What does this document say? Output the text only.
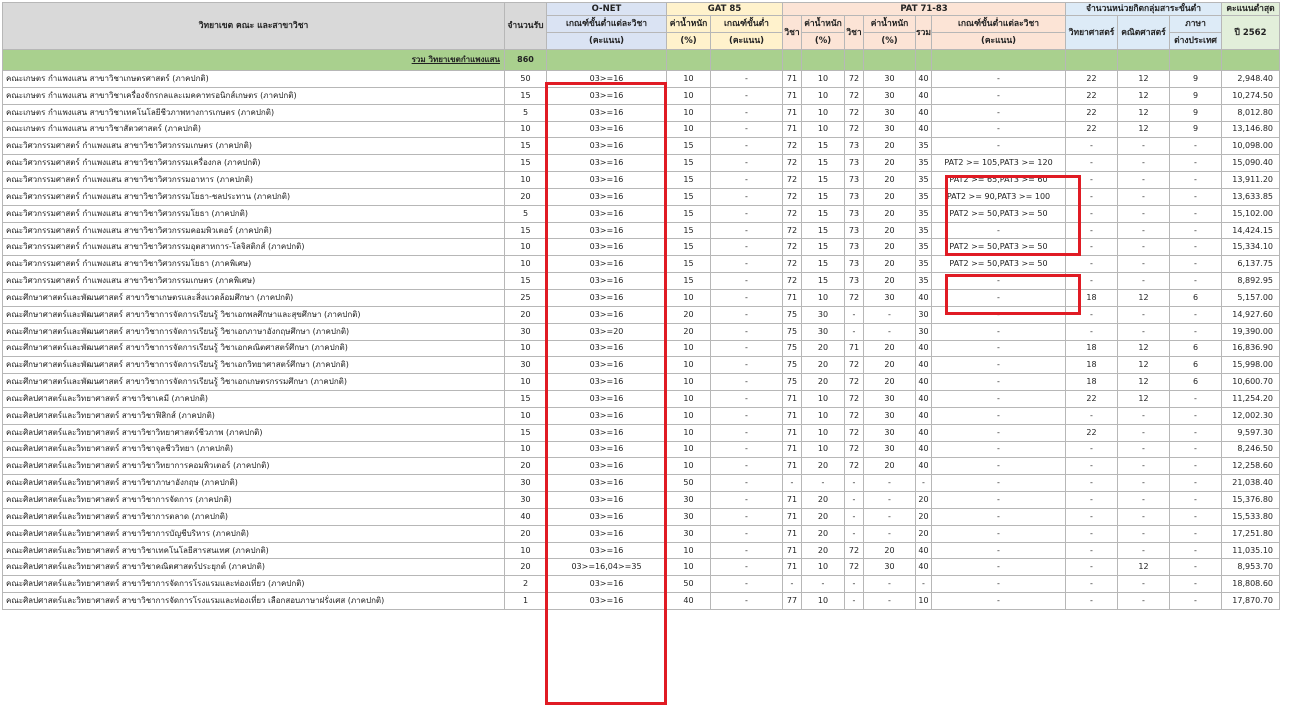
วิทยาเขต คณะ และสาขาวิชา	จำนวนรับ	O-NET	GAT 85		PAT 71-83						จำนวนหน่วยกิตกลุ่มสาระขั้นต่ำ			คะแนนต่ำสุด
		เกณฑ์ขั้นต่ำแต่ละวิชา	ค่าน้ำหนัก	เกณฑ์ขั้นต่ำ	วิชา	ค่าน้ำหนัก	วิชา	ค่าน้ำหนัก	รวม	เกณฑ์ขั้นต่ำแต่ละวิชา	วิทยาศาสตร์	คณิตศาสตร์	ภาษา	ปี 2562
		(คะแนน)	(%)	(คะแนน)		(%)		(%)		(คะแนน)			ต่างประเทศ	
รวม วิทยาเขตกำแพงแสน	860													
คณะเกษตร กำแพงแสน สาขาวิชาเกษตรศาสตร์ (ภาคปกติ)	50	03>=16	10	-	71	10	72	30	40	-	22	12	9	2,948.40
คณะเกษตร กำแพงแสน สาขาวิชาเครื่องจักรกลและเมคคาทรอนิกส์เกษตร (ภาคปกติ)	15	03>=16	10	-	71	10	72	30	40	-	22	12	9	10,274.50
คณะเกษตร กำแพงแสน สาขาวิชาเทคโนโลยีชีวภาพทางการเกษตร (ภาคปกติ)	5	03>=16	10	-	71	10	72	30	40	-	22	12	9	8,012.80
คณะเกษตร กำแพงแสน สาขาวิชาสัตวศาสตร์ (ภาคปกติ)	10	03>=16	10	-	71	10	72	30	40	-	22	12	9	13,146.80
คณะวิศวกรรมศาสตร์ กำแพงแสน สาขาวิชาวิศวกรรมเกษตร (ภาคปกติ)	15	03>=16	15	-	72	15	73	20	35	-	-	-	-	10,098.00
คณะวิศวกรรมศาสตร์ กำแพงแสน สาขาวิชาวิศวกรรมเครื่องกล (ภาคปกติ)	15	03>=16	15	-	72	15	73	20	35	PAT2 >= 105,PAT3 >= 120	-	-	-	15,090.40
คณะวิศวกรรมศาสตร์ กำแพงแสน สาขาวิชาวิศวกรรมอาหาร (ภาคปกติ)	10	03>=16	15	-	72	15	73	20	35	PAT2 >= 65,PAT3 >= 60	-	-	-	13,911.20
คณะวิศวกรรมศาสตร์ กำแพงแสน สาขาวิชาวิศวกรรมโยธา-ชลประทาน (ภาคปกติ)	20	03>=16	15	-	72	15	73	20	35	PAT2 >= 90,PAT3 >= 100	-	-	-	13,633.85
คณะวิศวกรรมศาสตร์ กำแพงแสน สาขาวิชาวิศวกรรมโยธา (ภาคปกติ)	5	03>=16	15	-	72	15	73	20	35	PAT2 >= 50,PAT3 >= 50	-	-	-	15,102.00
คณะวิศวกรรมศาสตร์ กำแพงแสน สาขาวิชาวิศวกรรมคอมพิวเตอร์ (ภาคปกติ)	15	03>=16	15	-	72	15	73	20	35	-	-	-	-	14,424.15
คณะวิศวกรรมศาสตร์ กำแพงแสน สาขาวิชาวิศวกรรมอุตสาหการ-โลจิสติกส์ (ภาคปกติ)	10	03>=16	15	-	72	15	73	20	35	PAT2 >= 50,PAT3 >= 50	-	-	-	15,334.10
คณะวิศวกรรมศาสตร์ กำแพงแสน สาขาวิชาวิศวกรรมโยธา (ภาคพิเศษ)	10	03>=16	15	-	72	15	73	20	35	PAT2 >= 50,PAT3 >= 50	-	-	-	6,137.75
คณะวิศวกรรมศาสตร์ กำแพงแสน สาขาวิชาวิศวกรรมเกษตร (ภาคพิเศษ)	15	03>=16	15	-	72	15	73	20	35	-	-	-	-	8,892.95
คณะศึกษาศาสตร์และพัฒนศาสตร์ สาขาวิชาเกษตรและสิ่งแวดล้อมศึกษา (ภาคปกติ)	25	03>=16	10	-	71	10	72	30	40	-	18	12	6	5,157.00
คณะศึกษาศาสตร์และพัฒนศาสตร์ สาขาวิชาการจัดการเรียนรู้ วิชาเอกพลศึกษาและสุขศึกษา (ภาคปกติ)	20	03>=16	20	-	75	30	-	-	30	-	-	-	-	14,927.60
คณะศึกษาศาสตร์และพัฒนศาสตร์ สาขาวิชาการจัดการเรียนรู้ วิชาเอกภาษาอังกฤษศึกษา (ภาคปกติ)	30	03>=20	20	-	75	30	-	-	30	-	-	-	-	19,390.00
คณะศึกษาศาสตร์และพัฒนศาสตร์ สาขาวิชาการจัดการเรียนรู้ วิชาเอกคณิตศาสตร์ศึกษา (ภาคปกติ)	10	03>=16	10	-	75	20	71	20	40	-	18	12	6	16,836.90
คณะศึกษาศาสตร์และพัฒนศาสตร์ สาขาวิชาการจัดการเรียนรู้ วิชาเอกวิทยาศาสตร์ศึกษา (ภาคปกติ)	30	03>=16	10	-	75	20	72	20	40	-	18	12	6	15,998.00
คณะศึกษาศาสตร์และพัฒนศาสตร์ สาขาวิชาการจัดการเรียนรู้ วิชาเอกเกษตรกรรมศึกษา (ภาคปกติ)	10	03>=16	10	-	75	20	72	20	40	-	18	12	6	10,600.70
คณะศิลปศาสตร์และวิทยาศาสตร์ สาขาวิชาเคมี (ภาคปกติ)	15	03>=16	10	-	71	10	72	30	40	-	22	12	-	11,254.20
คณะศิลปศาสตร์และวิทยาศาสตร์ สาขาวิชาฟิสิกส์ (ภาคปกติ)	10	03>=16	10	-	71	10	72	30	40	-	-	-	-	12,002.30
คณะศิลปศาสตร์และวิทยาศาสตร์ สาขาวิชาวิทยาศาสตร์ชีวภาพ (ภาคปกติ)	15	03>=16	10	-	71	10	72	30	40	-	22	-	-	9,597.30
คณะศิลปศาสตร์และวิทยาศาสตร์ สาขาวิชาจุลชีววิทยา (ภาคปกติ)	10	03>=16	10	-	71	10	72	30	40	-	-	-	-	8,246.50
คณะศิลปศาสตร์และวิทยาศาสตร์ สาขาวิชาวิทยาการคอมพิวเตอร์ (ภาคปกติ)	20	03>=16	10	-	71	20	72	20	40	-	-	-	-	12,258.60
คณะศิลปศาสตร์และวิทยาศาสตร์ สาขาวิชาภาษาอังกฤษ (ภาคปกติ)	30	03>=16	50	-	-	-	-	-	-	-	-	-	-	21,038.40
คณะศิลปศาสตร์และวิทยาศาสตร์ สาขาวิชาการจัดการ (ภาคปกติ)	30	03>=16	30	-	71	20	-	-	20	-	-	-	-	15,376.80
คณะศิลปศาสตร์และวิทยาศาสตร์ สาขาวิชาการตลาด (ภาคปกติ)	40	03>=16	30	-	71	20	-	-	20	-	-	-	-	15,533.80
คณะศิลปศาสตร์และวิทยาศาสตร์ สาขาวิชาการบัญชีบริหาร (ภาคปกติ)	20	03>=16	30	-	71	20	-	-	20	-	-	-	-	17,251.80
คณะศิลปศาสตร์และวิทยาศาสตร์ สาขาวิชาเทคโนโลยีสารสนเทศ (ภาคปกติ)	10	03>=16	10	-	71	20	72	20	40	-	-	-	-	11,035.10
คณะศิลปศาสตร์และวิทยาศาสตร์ สาขาวิชาคณิตศาสตร์ประยุกต์ (ภาคปกติ)	20	03>=16,04>=35	10	-	71	10	72	30	40	-	-	12	-	8,953.70
คณะศิลปศาสตร์และวิทยาศาสตร์ สาขาวิชาการจัดการโรงแรมและท่องเที่ยว (ภาคปกติ)	2	03>=16	50	-	-	-	-	-	-	-	-	-	-	18,808.60
คณะศิลปศาสตร์และวิทยาศาสตร์ สาขาวิชาการจัดการโรงแรมและท่องเที่ยว เลือกสอบภาษาฝรั่งเศส (ภาคปกติ)	1	03>=16	40	-	77	10	-	-	10	-	-	-	-	17,870.70
